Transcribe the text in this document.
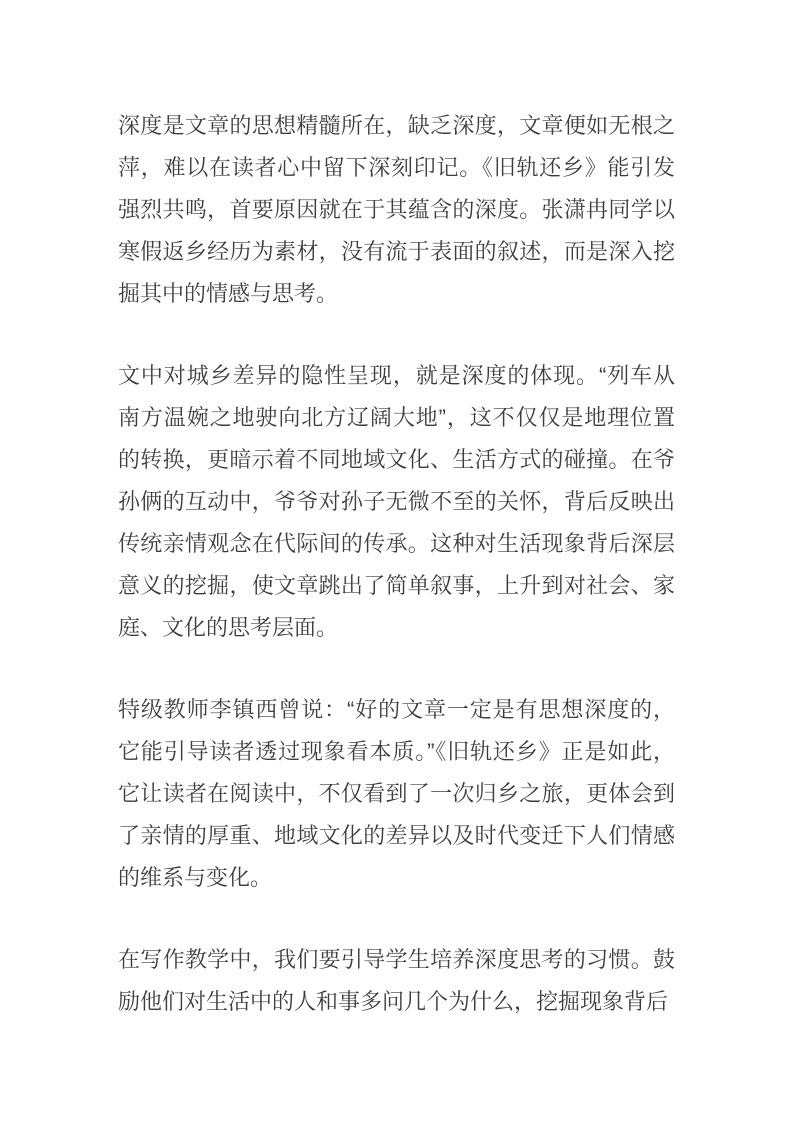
深度是文章的思想精髓所在，缺乏深度，文章便如无根之萍，难以在读者心中留下深刻印记。《旧轨还乡》能引发强烈共鸣，首要原因就在于其蕴含的深度。张潇冉同学以寒假返乡经历为素材，没有流于表面的叙述，而是深入挖掘其中的情感与思考。

文中对城乡差异的隐性呈现，就是深度的体现。“列车从南方温婉之地驶向北方辽阔大地”，这不仅仅是地理位置的转换，更暗示着不同地域文化、生活方式的碰撞。在爷孙俩的互动中，爷爷对孙子无微不至的关怀，背后反映出传统亲情观念在代际间的传承。这种对生活现象背后深层意义的挖掘，使文章跳出了简单叙事，上升到对社会、家庭、文化的思考层面。

特级教师李镇西曾说：“好的文章一定是有思想深度的，它能引导读者透过现象看本质。”《旧轨还乡》正是如此，它让读者在阅读中，不仅看到了一次归乡之旅，更体会到了亲情的厚重、地域文化的差异以及时代变迁下人们情感的维系与变化。

在写作教学中，我们要引导学生培养深度思考的习惯。鼓励他们对生活中的人和事多问几个为什么，挖掘现象背后
